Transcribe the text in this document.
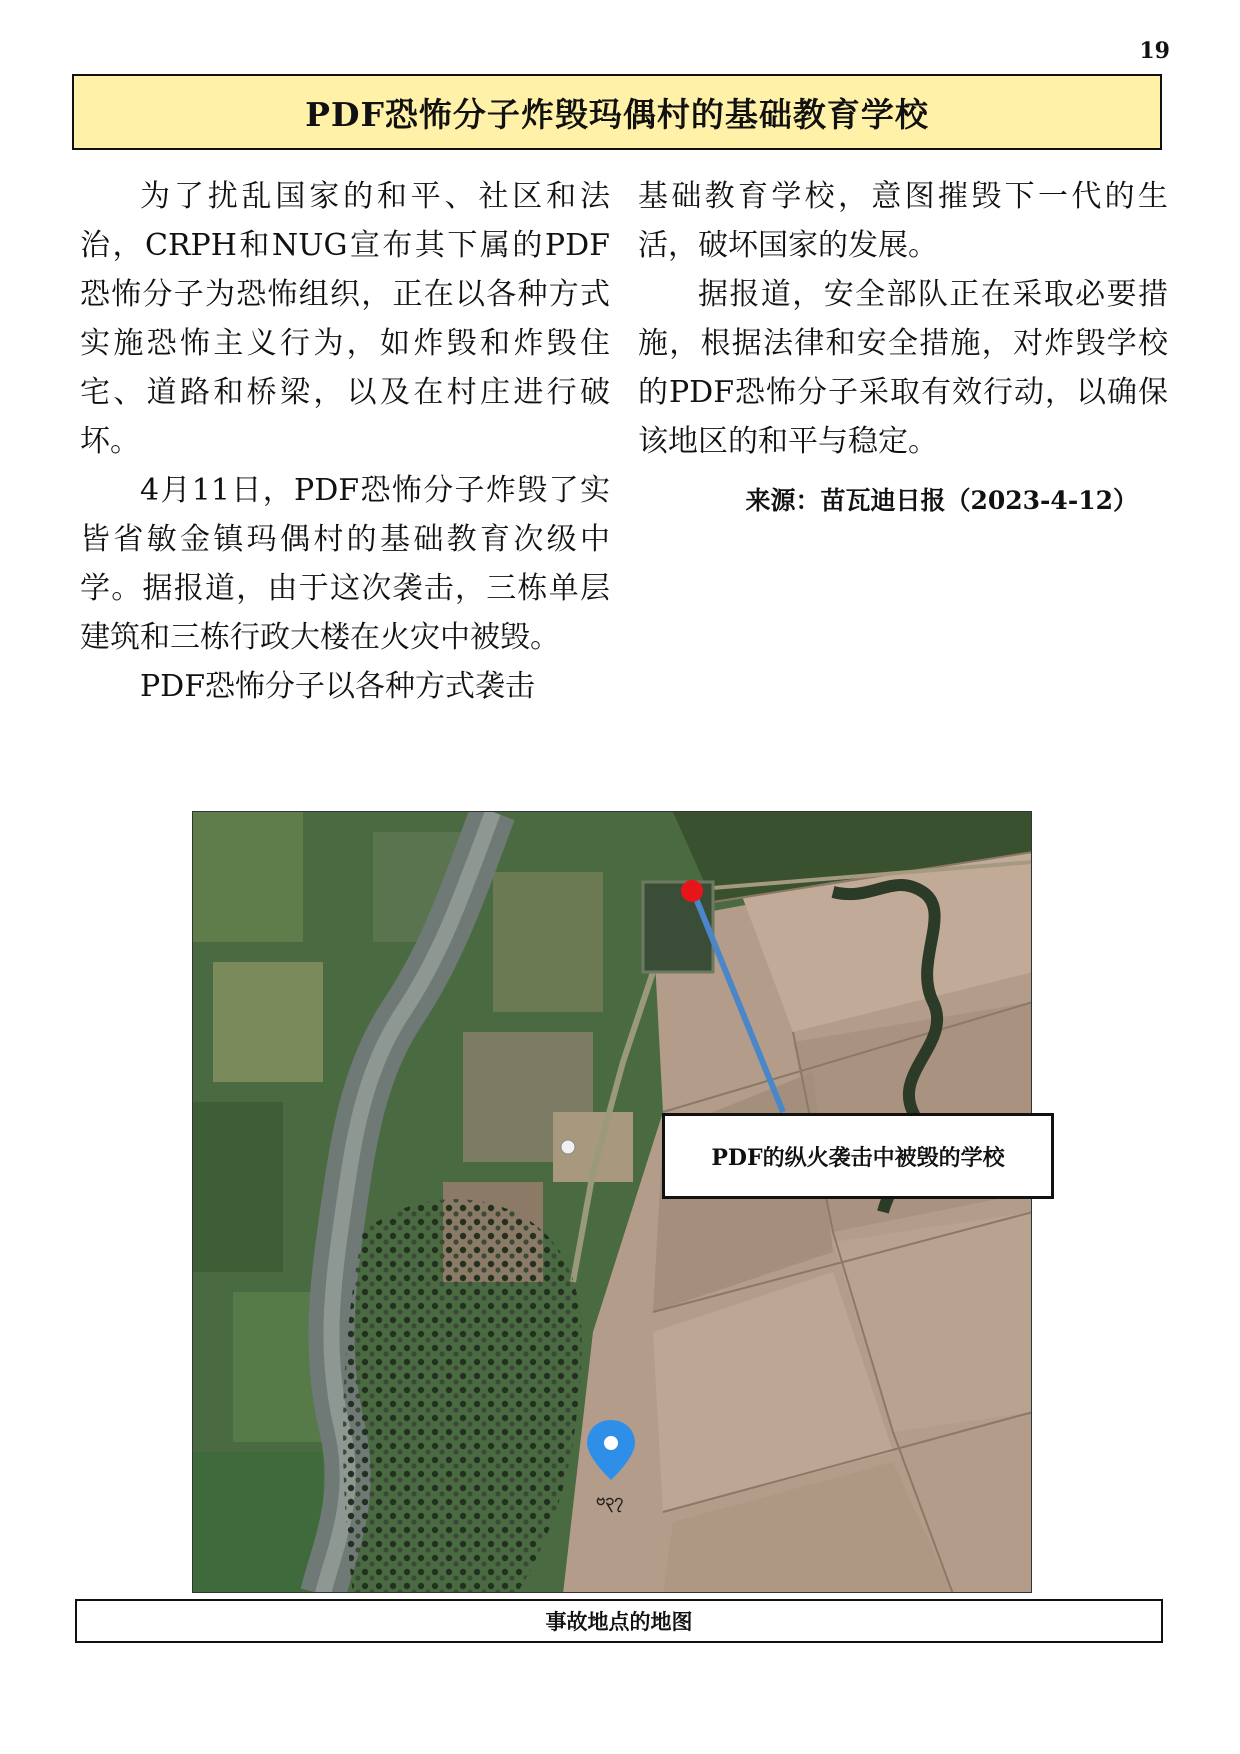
19
PDF恐怖分子炸毁玛偶村的基础教育学校

为了扰乱国家的和平、社区和法治，CRPH和NUG宣布其下属的PDF恐怖分子为恐怖组织，正在以各种方式实施恐怖主义行为，如炸毁和炸毁住宅、道路和桥梁，以及在村庄进行破坏。

4月11日，PDF恐怖分子炸毁了实皆省敏金镇玛偶村的基础教育次级中学。据报道，由于这次袭击，三栋单层建筑和三栋行政大楼在火灾中被毁。

PDF恐怖分子以各种方式袭击

基础教育学校，意图摧毁下一代的生活，破坏国家的发展。

据报道，安全部队正在采取必要措施，根据法律和安全措施，对炸毁学校的PDF恐怖分子采取有效行动，以确保该地区的和平与稳定。

来源：苗瓦迪日报（2023-4-12）

ဗ၃၇
PDF的纵火袭击中被毁的学校
事故地点的地图
